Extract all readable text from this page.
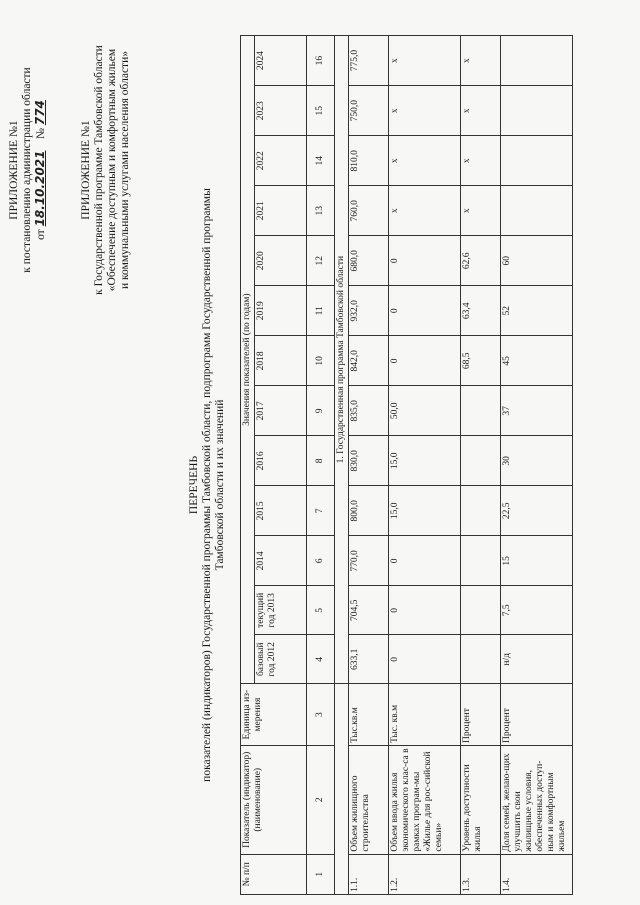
ПРИЛОЖЕНИЕ №1 к постановлению администрации области от 18.10.2021    № 774
ПРИЛОЖЕНИЕ №1 к Государственной программе Тамбовской области «Обеспечение доступным и комфортным жильем и коммунальными услугами населения области»
ПЕРЕЧЕНЬ показателей (индикаторов) Государственной программы Тамбовской области, подпрограмм Государственной программы Тамбовской области и их значений
№ п/п	Показатель (индикатор) (наименование)	Единица из-мерения	Значения показателей (по годам)												
			базовый год 2012	текущий год 2013	2014	2015	2016	2017	2018	2019	2020	2021	2022	2023	2024
1	2	3	4	5	6	7	8	9	10	11	12	13	14	15	16
			1. Государственная программа Тамбовской области												
1.1.	Объем жилищного строительства	Тыс.кв.м	633,1	704,5	770,0	800,0	830,0	835,0	842,0	932,0	680,0	760,0	810,0	750,0	775,0
1.2.	Объем ввода жилья экономического клас-са в рамках програм-мы «Жилье для рос-сийской семьи»	Тыс. кв.м	0	0	0	15,0	15,0	50,0	0	0	0	х	х	х	х
1.3.	Уровень доступности жилья	Процент							68,5	63,4	62,6	х	х	х	х
1.4.	Доля семей, желаю-щих улучшить свои жилищные условия, обеспеченных доступ-ным и комфортным жильем	Процент	н/д	7,5	15	22,5	30	37	45	52	60				
